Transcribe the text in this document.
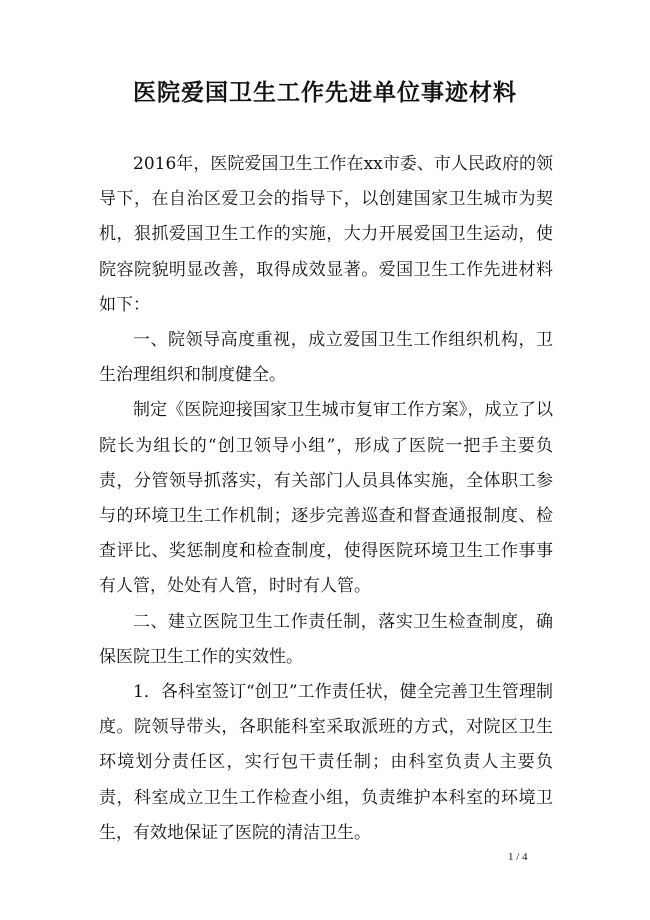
医院爱国卫生工作先进单位事迹材料

2016年，医院爱国卫生工作在xx市委、市人民政府的领导下，在自治区爱卫会的指导下，以创建国家卫生城市为契机，狠抓爱国卫生工作的实施，大力开展爱国卫生运动，使院容院貌明显改善，取得成效显著。爱国卫生工作先进材料如下：

一、院领导高度重视，成立爱国卫生工作组织机构，卫生治理组织和制度健全。

制定《医院迎接国家卫生城市复审工作方案》，成立了以院长为组长的“创卫领导小组”，形成了医院一把手主要负责，分管领导抓落实，有关部门人员具体实施，全体职工参与的环境卫生工作机制；逐步完善巡查和督查通报制度、检查评比、奖惩制度和检查制度，使得医院环境卫生工作事事有人管，处处有人管，时时有人管。

二、建立医院卫生工作责任制，落实卫生检查制度，确保医院卫生工作的实效性。

1．各科室签订“创卫”工作责任状，健全完善卫生管理制度。院领导带头，各职能科室采取派班的方式，对院区卫生环境划分责任区，实行包干责任制；由科室负责人主要负责，科室成立卫生工作检查小组，负责维护本科室的环境卫生，有效地保证了医院的清洁卫生。

1 / 4
